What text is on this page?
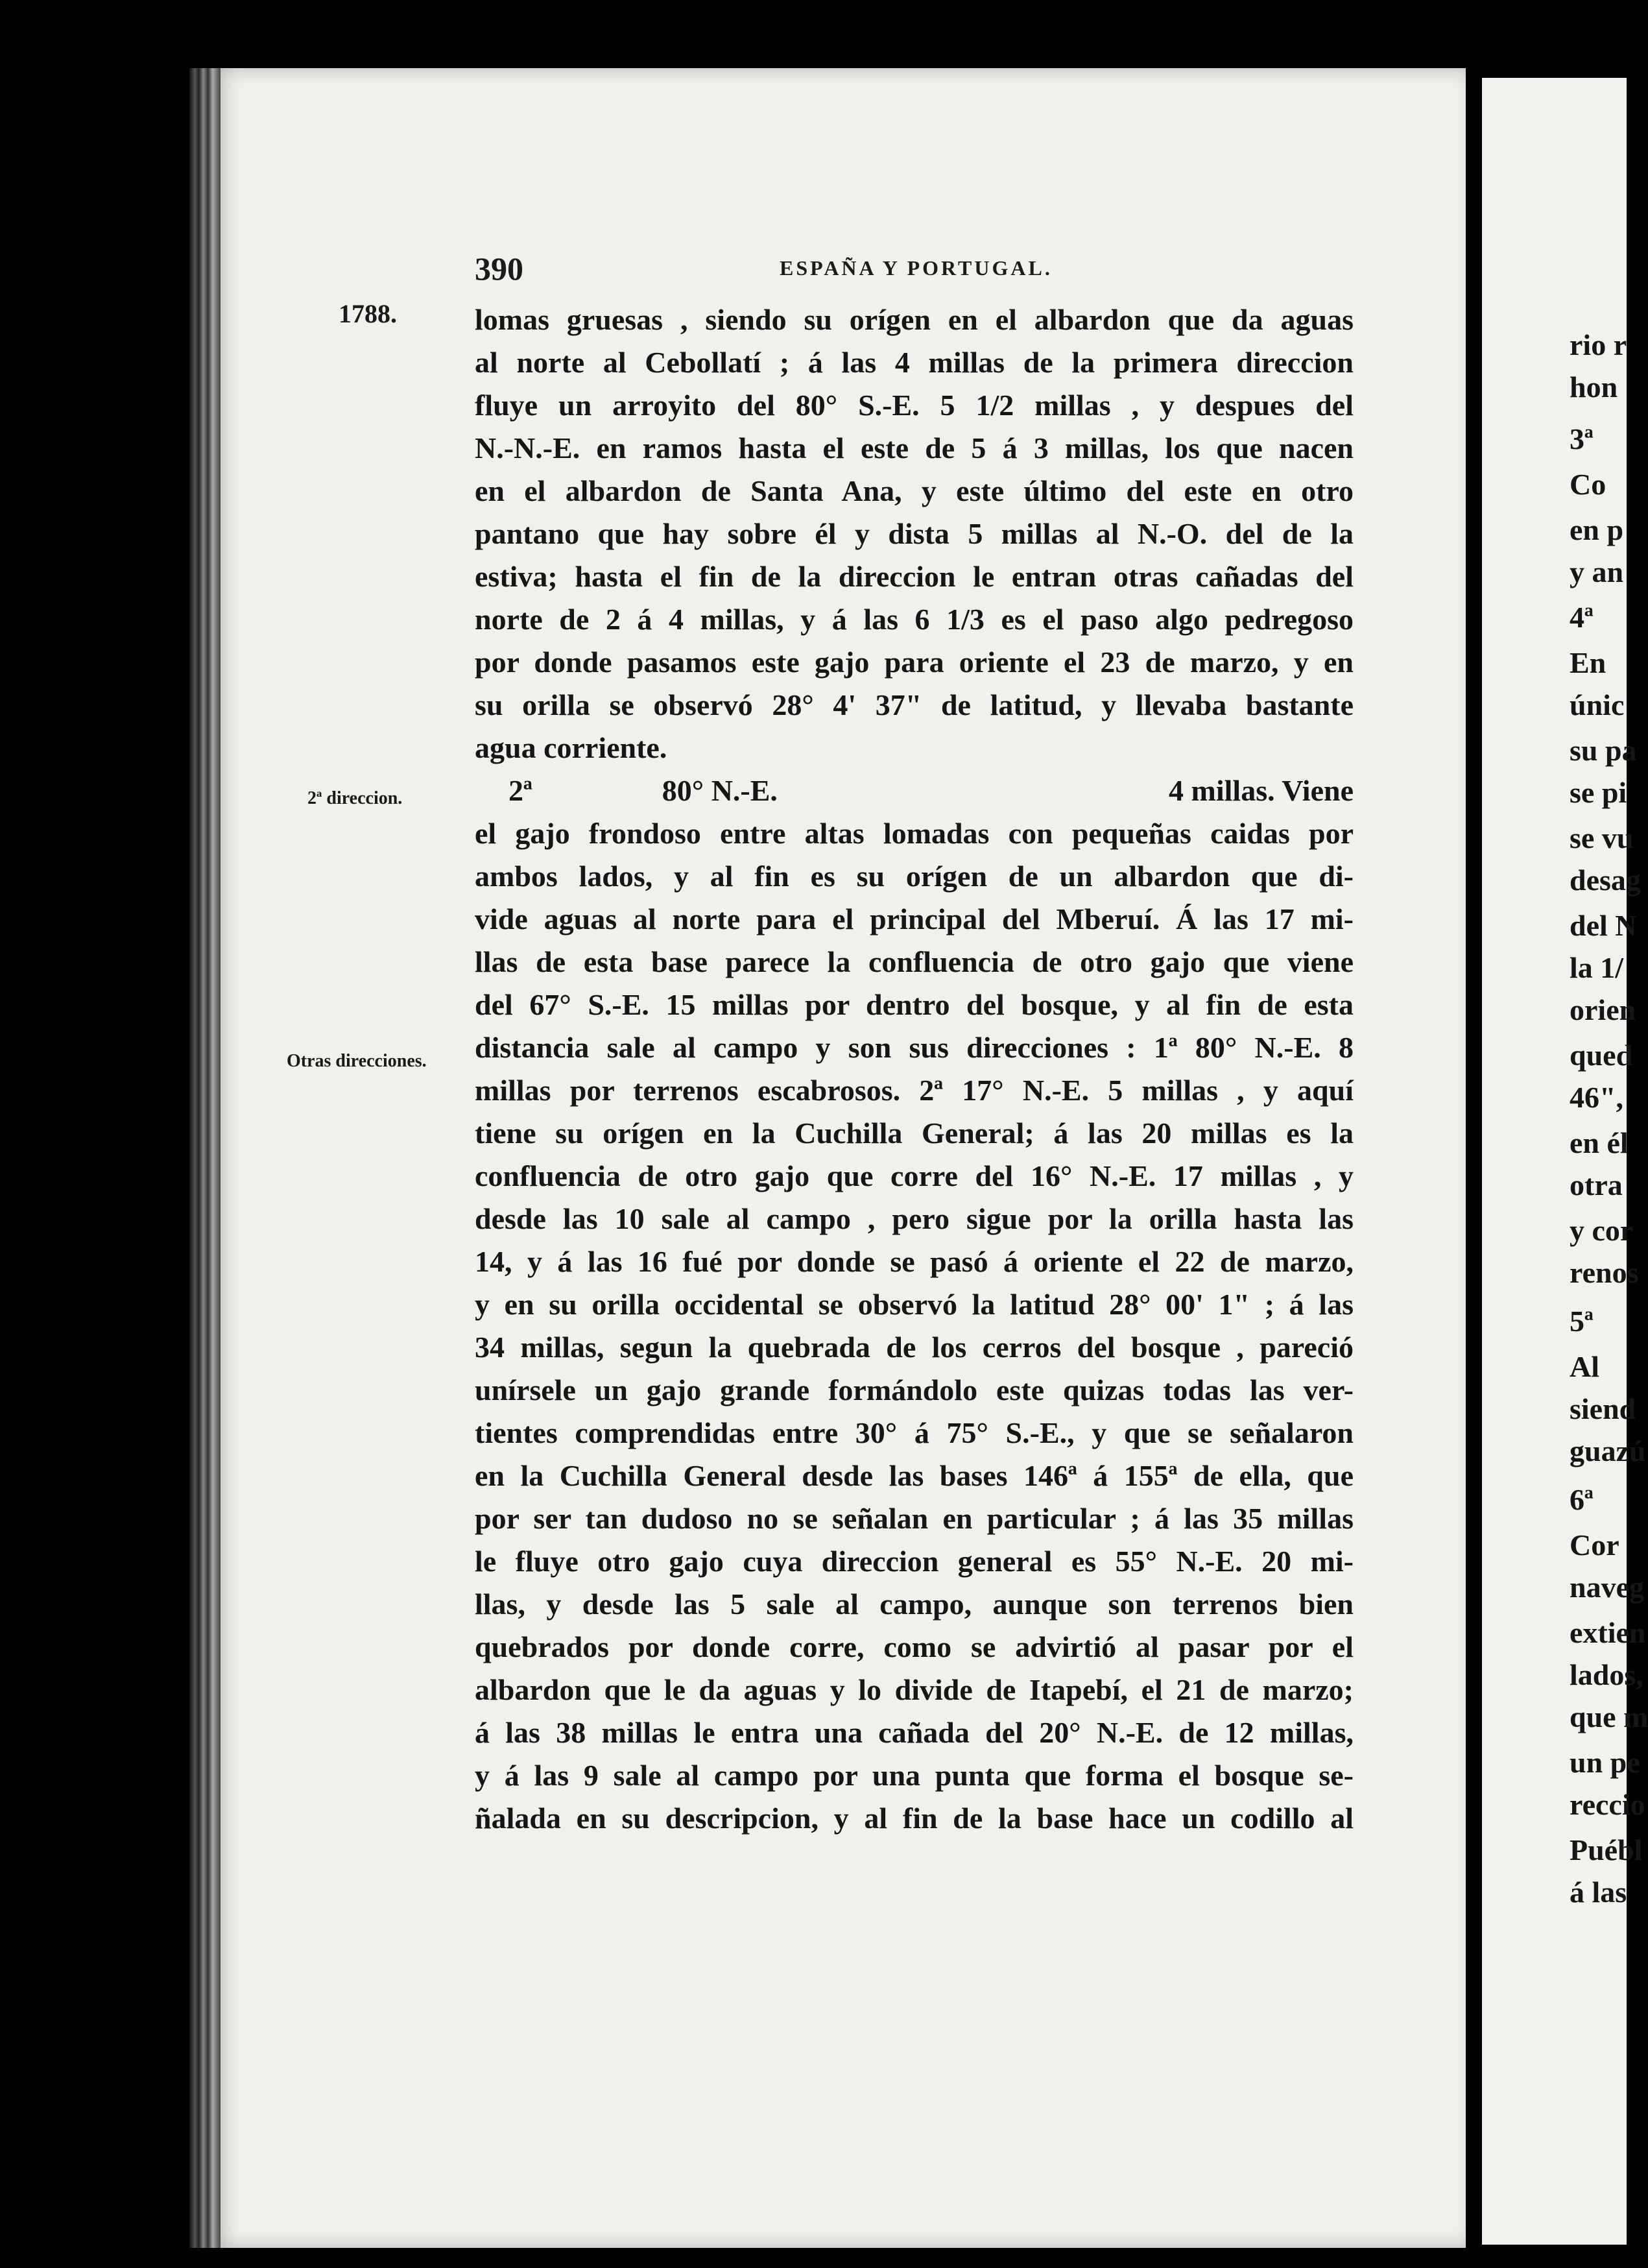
390	ESPAÑA Y PORTUGAL.
1788.
2ª direccion.
Otras direcciones.
lomas gruesas , siendo su orígen en el albardon que da aguas
al norte al Cebollatí ; á las 4 millas de la primera direccion
fluye un arroyito del 80° S.-E. 5 1/2 millas , y despues del
N.-N.-E. en ramos hasta el este de 5 á 3 millas, los que nacen
en el albardon de Santa Ana, y este último del este en otro
pantano que hay sobre él y dista 5 millas al N.-O. del de la
estiva; hasta el fin de la direccion le entran otras cañadas del
norte de 2 á 4 millas, y á las 6 1/3 es el paso algo pedregoso
por donde pasamos este gajo para oriente el 23 de marzo, y en
su orilla se observó 28° 4' 37" de latitud, y llevaba bastante
agua corriente.
2ª	80° N.-E.	4 millas. Viene
el gajo frondoso entre altas lomadas con pequeñas caidas por
ambos lados, y al fin es su orígen de un albardon que di-
vide aguas al norte para el principal del Mberuí. Á las 17 mi-
llas de esta base parece la confluencia de otro gajo que viene
del 67° S.-E. 15 millas por dentro del bosque, y al fin de esta
distancia sale al campo y son sus direcciones : 1ª 80° N.-E. 8
millas por terrenos escabrosos. 2ª 17° N.-E. 5 millas , y aquí
tiene su orígen en la Cuchilla General; á las 20 millas es la
confluencia de otro gajo que corre del 16° N.-E. 17 millas , y
desde las 10 sale al campo , pero sigue por la orilla hasta las
14, y á las 16 fué por donde se pasó á oriente el 22 de marzo,
y en su orilla occidental se observó la latitud 28° 00' 1" ; á las
34 millas, segun la quebrada de los cerros del bosque , pareció
unírsele un gajo grande formándolo este quizas todas las ver-
tientes comprendidas entre 30° á 75° S.-E., y que se señalaron
en la Cuchilla General desde las bases 146ª á 155ª de ella, que
por ser tan dudoso no se señalan en particular ; á las 35 millas
le fluye otro gajo cuya direccion general es 55° N.-E. 20 mi-
llas, y desde las 5 sale al campo, aunque son terrenos bien
quebrados por donde corre, como se advirtió al pasar por el
albardon que le da aguas y lo divide de Itapebí, el 21 de marzo;
á las 38 millas le entra una cañada del 20° N.-E. de 12 millas,
y á las 9 sale al campo por una punta que forma el bosque se-
ñalada en su descripcion, y al fin de la base hace un codillo al
rio r
hon
3ª
Co
en p
y an
4ª
En
únic
su pa
se pi
se vu
desag
del N
la 1/
orien
qued
46",
en él
otra
y cor
renos
5ª
Al
siend
guazú
6ª
Cor
naveg
extien
lados,
que m
un pe
reccio
Puébl
á las
